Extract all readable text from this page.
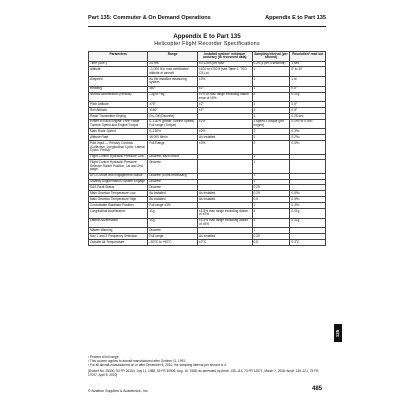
Part 135: Commuter & On Demand Operations	Appendix E to Part 135
Appendix E to Part 135
Helicopter Flight Recorder Specifications
Parameters	Range	Installed system¹ minimum accuracy (to recovered data)	Sampling interval (per second)	Resolution² read out
Time (GMT)	24 Hrs	±0.125% per hour	0.25 (1 per 4 seconds)	1 sec
Altitude	–1,000 ft to max certificated altitude of aircraft	±100 to ±700 ft (see Table 1, TSO C51-a)	1	5' to 30'
Airspeed	As the installed measuring system	±3%	1	1 kt
Heading	360°	±2°	1	0.5°
Normal acceleration (vertical)	–3g to +6g	±1% of max range excluding datum error of ±5%	8	0.01g
Pitch Attitude	±75°	±2°	2	0.5°
Roll Attitude	±180°	±2°	2	0.5°
Radio Transmitter Keying	On–Off (Discrete)		1	0.25 sec
Power in Each Engine: Free Power Turbine Speed and Engine Torque	0–130% (power Turbine Speed) Full range (Torque)	±2%	1 speed 1 torque (per engine)	0.2%¹ to 0.4%¹
Main Rotor Speed	0–130%	±2%	2	0.3%¹
Altitude Rate	±6,000 ft/min	As installed	2	0.2%¹
Pilot Input — Primary Controls (Collective, Longitudinal Cyclic, Lateral Cyclic, Pedal)³	Full Range	±3%	2	0.5%¹
Flight Control Hydraulic Pressure Low	Discrete, each circuit		1	
Flight Control Hydraulic Pressure Selector Switch Position, 1st and 2nd stage	Discrete		1	
AFCS Mode and Engagement Status	Discrete (5 bits necessary)		1	
Stability Augmentation System Engage	Discrete		1	
SAS Fault Status	Discrete		0.25	
Main Gearbox Temperature Low	As installed	As installed	0.25	0.5%¹
Main Gearbox Temperature High	As installed	As installed	0.5	0.5%¹
Controllable Stabilator Position	Full range ±3%		2	0.4%¹
Longitudinal Acceleration	±1g	±1.5% max range excluding datum of ±5%	4	0.01g
Lateral Acceleration	±1g	±1.5% max range excluding datum of ±5%	4	0.01g
Master Warning	Discrete		1	
Nav 1 and 2 Frequency Selection	Full range	As installed	0.25	
Outside Air Temperature	–50°C to +90°C	±2°C	0.5	0.3°C
¹ Percent of full range.
² This column applies to aircraft manufactured after October 11, 1991.
³ For all aircraft manufactured on or after December 6, 2010, the sampling interval per second is 4.
[Docket No. 25530, 53 FR 26154, July 11, 1988; 53 FR 30906, Aug. 16, 1988; as amended by Amdt. 135–113, 73 FR 12571, March 7, 2008; Amdt. 135–121, 75 FR 17047, April 5, 2010]
135
© Aviation Supplies & Academics, Inc.	485
